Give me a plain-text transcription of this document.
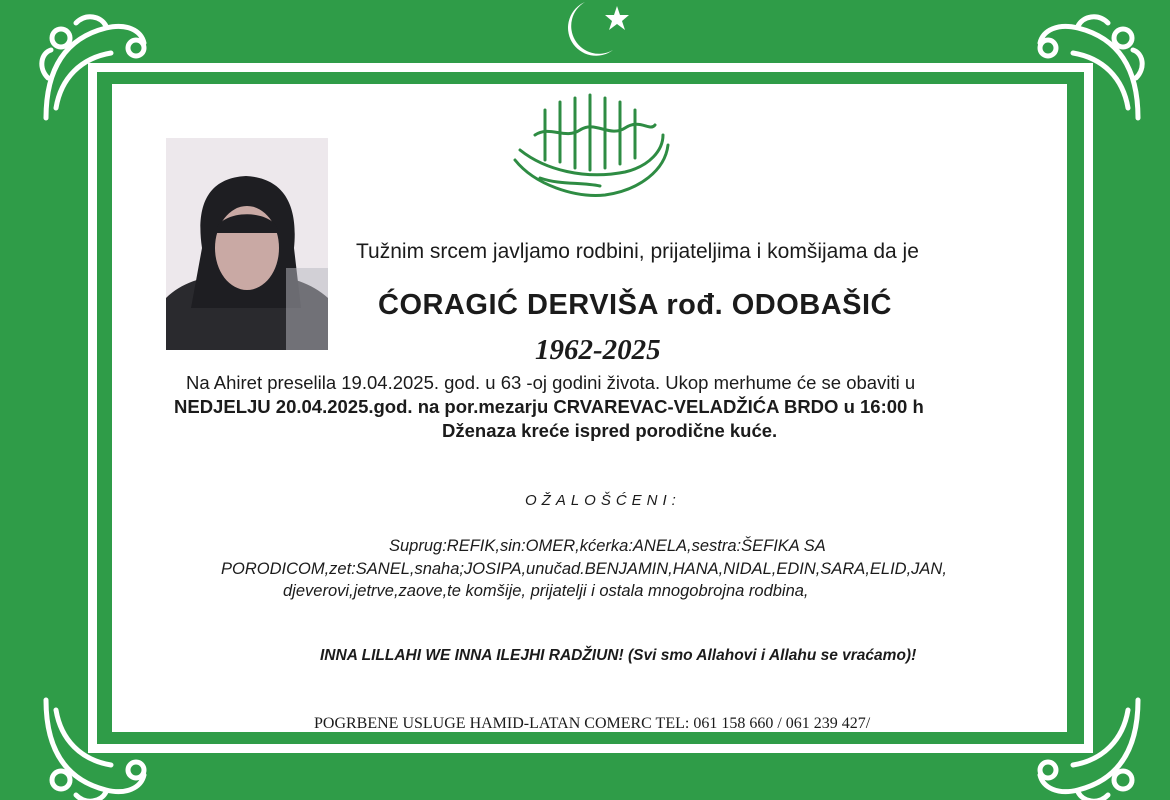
Tužnim srcem javljamo rodbini, prijateljima i komšijama da je
ĆORAGIĆ DERVIŠA rođ. ODOBAŠIĆ
1962-2025
Na Ahiret preselila 19.04.2025. god. u 63 -oj godini života. Ukop merhume će se obaviti u
NEDJELJU 20.04.2025.god. na por.mezarju CRVAREVAC-VELADŽIĆA BRDO u 16:00 h
Dženaza kreće ispred porodične kuće.
OŽALOŠĆENI:
Suprug:REFIK,sin:OMER,kćerka:ANELA,sestra:ŠEFIKA SA
PORODICOM,zet:SANEL,snaha;JOSIPA,unučad.BENJAMIN,HANA,NIDAL,EDIN,SARA,ELID,JAN,
djeverovi,jetrve,zaove,te komšije, prijatelji i ostala mnogobrojna rodbina,
INNA LILLAHI WE INNA ILEJHI RADŽIUN! (Svi smo Allahovi i Allahu se vraćamo)!
POGRBENE USLUGE HAMID-LATAN COMERC TEL: 061 158 660 / 061 239 427/
